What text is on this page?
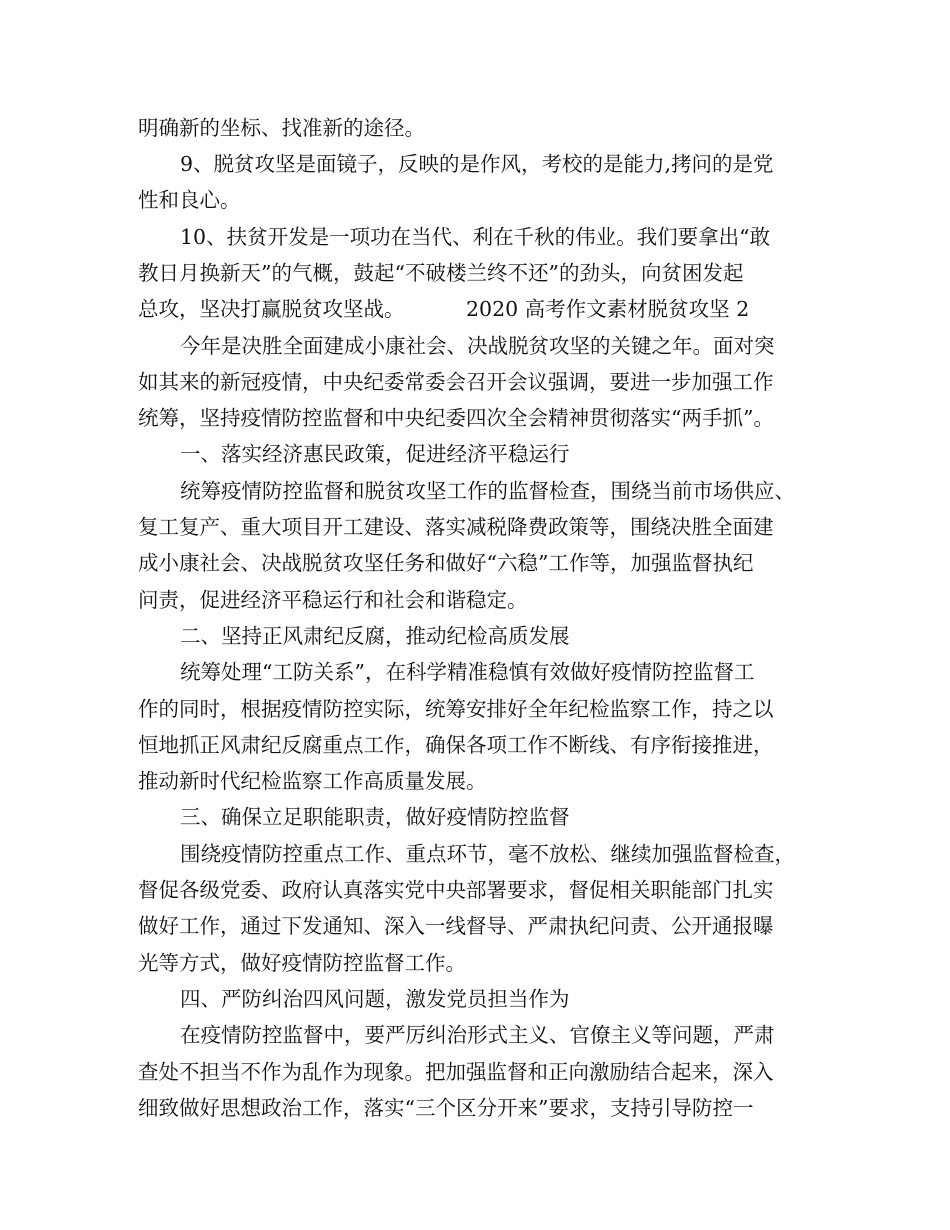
明确新的坐标、找准新的途径。
9、脱贫攻坚是面镜子，反映的是作风，考校的是能力,拷问的是党
性和良心。
10、扶贫开发是一项功在当代、利在千秋的伟业。我们要拿出“敢
教日月换新天”的气概，鼓起“不破楼兰终不还”的劲头，向贫困发起
总攻，坚决打赢脱贫攻坚战。	2020 高考作文素材脱贫攻坚 2
今年是决胜全面建成小康社会、决战脱贫攻坚的关键之年。面对突
如其来的新冠疫情，中央纪委常委会召开会议强调，要进一步加强工作
统筹，坚持疫情防控监督和中央纪委四次全会精神贯彻落实“两手抓”。
一、落实经济惠民政策，促进经济平稳运行
统筹疫情防控监督和脱贫攻坚工作的监督检查，围绕当前市场供应、
复工复产、重大项目开工建设、落实减税降费政策等，围绕决胜全面建
成小康社会、决战脱贫攻坚任务和做好“六稳”工作等，加强监督执纪
问责，促进经济平稳运行和社会和谐稳定。
二、坚持正风肃纪反腐，推动纪检高质发展
统筹处理“工防关系”，在科学精准稳慎有效做好疫情防控监督工
作的同时，根据疫情防控实际，统筹安排好全年纪检监察工作，持之以
恒地抓正风肃纪反腐重点工作，确保各项工作不断线、有序衔接推进，
推动新时代纪检监察工作高质量发展。
三、确保立足职能职责，做好疫情防控监督
围绕疫情防控重点工作、重点环节，毫不放松、继续加强监督检查，
督促各级党委、政府认真落实党中央部署要求，督促相关职能部门扎实
做好工作，通过下发通知、深入一线督导、严肃执纪问责、公开通报曝
光等方式，做好疫情防控监督工作。
四、严防纠治四风问题，激发党员担当作为
在疫情防控监督中，要严厉纠治形式主义、官僚主义等问题，严肃
查处不担当不作为乱作为现象。把加强监督和正向激励结合起来，深入
细致做好思想政治工作，落实“三个区分开来”要求，支持引导防控一
